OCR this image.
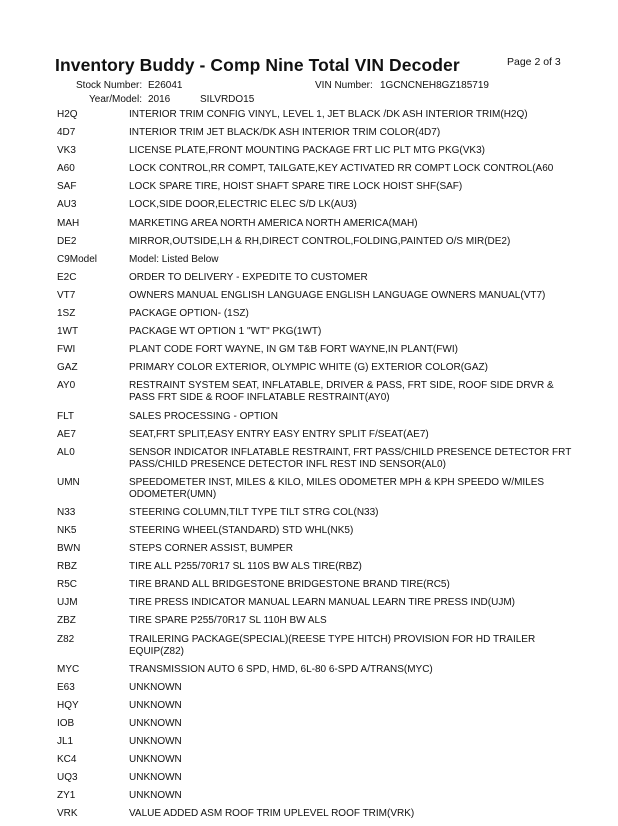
Inventory Buddy - Comp Nine Total VIN Decoder	Page 2 of 3
Stock Number: E26041	VIN Number: 1GCNCNEH8GZ185719
Year/Model: 2016	SILVRDO15
H2Q	INTERIOR TRIM CONFIG VINYL, LEVEL 1, JET BLACK /DK ASH INTERIOR TRIM(H2Q)
4D7	INTERIOR TRIM JET BLACK/DK ASH INTERIOR TRIM COLOR(4D7)
VK3	LICENSE PLATE,FRONT MOUNTING PACKAGE FRT LIC PLT MTG PKG(VK3)
A60	LOCK CONTROL,RR COMPT, TAILGATE,KEY ACTIVATED RR COMPT LOCK CONTROL(A60
SAF	LOCK SPARE TIRE, HOIST SHAFT SPARE TIRE LOCK HOIST SHF(SAF)
AU3	LOCK,SIDE DOOR,ELECTRIC ELEC S/D LK(AU3)
MAH	MARKETING AREA NORTH AMERICA NORTH AMERICA(MAH)
DE2	MIRROR,OUTSIDE,LH & RH,DIRECT CONTROL,FOLDING,PAINTED O/S MIR(DE2)
C9Model	Model: Listed Below
E2C	ORDER TO DELIVERY - EXPEDITE TO CUSTOMER
VT7	OWNERS MANUAL ENGLISH LANGUAGE ENGLISH LANGUAGE OWNERS MANUAL(VT7)
1SZ	PACKAGE OPTION- (1SZ)
1WT	PACKAGE WT OPTION 1 "WT" PKG(1WT)
FWI	PLANT CODE FORT WAYNE, IN GM T&B FORT WAYNE,IN PLANT(FWI)
GAZ	PRIMARY COLOR EXTERIOR, OLYMPIC WHITE (G) EXTERIOR COLOR(GAZ)
AY0	RESTRAINT SYSTEM SEAT, INFLATABLE, DRIVER & PASS, FRT SIDE, ROOF SIDE DRVR & PASS FRT SIDE & ROOF INFLATABLE RESTRAINT(AY0)
FLT	SALES PROCESSING - OPTION
AE7	SEAT,FRT SPLIT,EASY ENTRY EASY ENTRY SPLIT F/SEAT(AE7)
AL0	SENSOR INDICATOR INFLATABLE RESTRAINT, FRT PASS/CHILD PRESENCE DETECTOR FRT PASS/CHILD PRESENCE DETECTOR INFL REST IND SENSOR(AL0)
UMN	SPEEDOMETER INST, MILES & KILO, MILES ODOMETER MPH & KPH SPEEDO W/MILES ODOMETER(UMN)
N33	STEERING COLUMN,TILT TYPE TILT STRG COL(N33)
NK5	STEERING WHEEL(STANDARD) STD WHL(NK5)
BWN	STEPS CORNER ASSIST, BUMPER
RBZ	TIRE ALL P255/70R17 SL 110S BW ALS TIRE(RBZ)
R5C	TIRE BRAND ALL BRIDGESTONE BRIDGESTONE BRAND TIRE(RC5)
UJM	TIRE PRESS INDICATOR MANUAL LEARN MANUAL LEARN TIRE PRESS IND(UJM)
ZBZ	TIRE SPARE P255/70R17 SL 110H BW ALS
Z82	TRAILERING PACKAGE(SPECIAL)(REESE TYPE HITCH) PROVISION FOR HD TRAILER EQUIP(Z82)
MYC	TRANSMISSION AUTO 6 SPD, HMD, 6L-80 6-SPD A/TRANS(MYC)
E63	UNKNOWN
HQY	UNKNOWN
IOB	UNKNOWN
JL1	UNKNOWN
KC4	UNKNOWN
UQ3	UNKNOWN
ZY1	UNKNOWN
VRK	VALUE ADDED ASM ROOF TRIM UPLEVEL ROOF TRIM(VRK)
